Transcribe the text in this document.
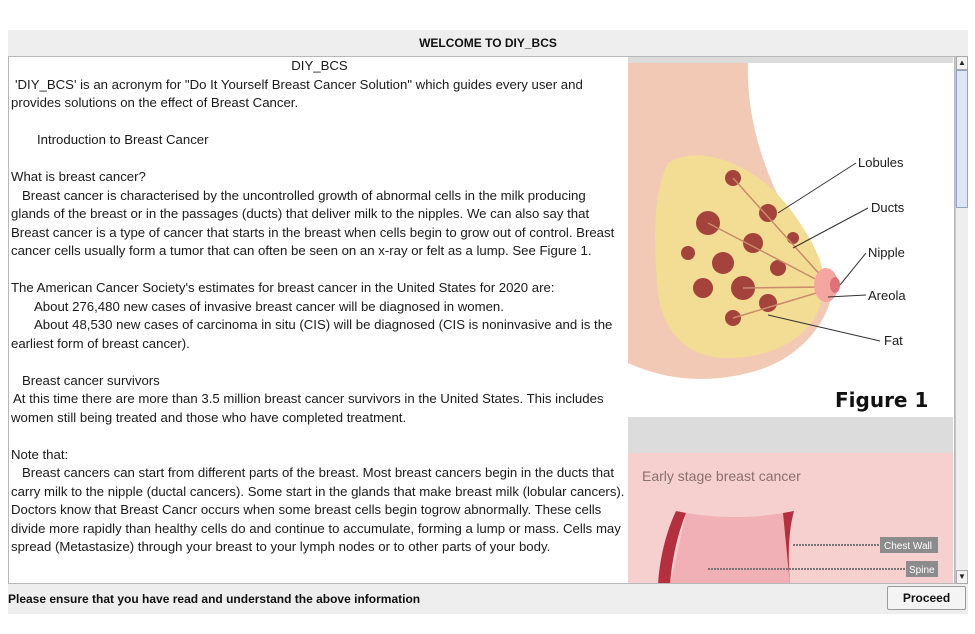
WELCOME TO DIY_BCS

DIY_BCS

'DIY_BCS' is an acronym for "Do It Yourself Breast Cancer Solution" which guides every user and provides solutions on the effect of Breast Cancer.

Introduction to Breast Cancer

What is breast cancer?

Breast cancer is characterised by the uncontrolled growth of abnormal cells in the milk producing glands of the breast or in the passages (ducts) that deliver milk to the nipples. We can also say that Breast cancer is a type of cancer that starts in the breast when cells begin to grow out of control. Breast cancer cells usually form a tumor that can often be seen on an x-ray or felt as a lump. See Figure 1.

The American Cancer Society's estimates for breast cancer in the United States for 2020 are:

About 276,480 new cases of invasive breast cancer will be diagnosed in women.

About 48,530 new cases of carcinoma in situ (CIS) will be diagnosed (CIS is noninvasive and is the earliest form of breast cancer).

Breast cancer survivors

At this time there are more than 3.5 million breast cancer survivors in the United States. This includes women still being treated and those who have completed treatment.

Note that:

Breast cancers can start from different parts of the breast. Most breast cancers begin in the ducts that carry milk to the nipple (ductal cancers). Some start in the glands that make breast milk (lobular cancers). Doctors know that Breast Cancr occurs when some breast cells begin togrow abnormally. These cells divide more rapidly than healthy cells do and continue to accumulate, forming a lump or mass. Cells may spread (Metastasize) through your breast to your lymph nodes or to other parts of your body.

Lobules
Ducts
Nipple
Areola
Fat
Figure 1
Early stage breast cancer
Chest Wall
Spine
▲
▼
Please ensure that you have read and understand the above information	Proceed
